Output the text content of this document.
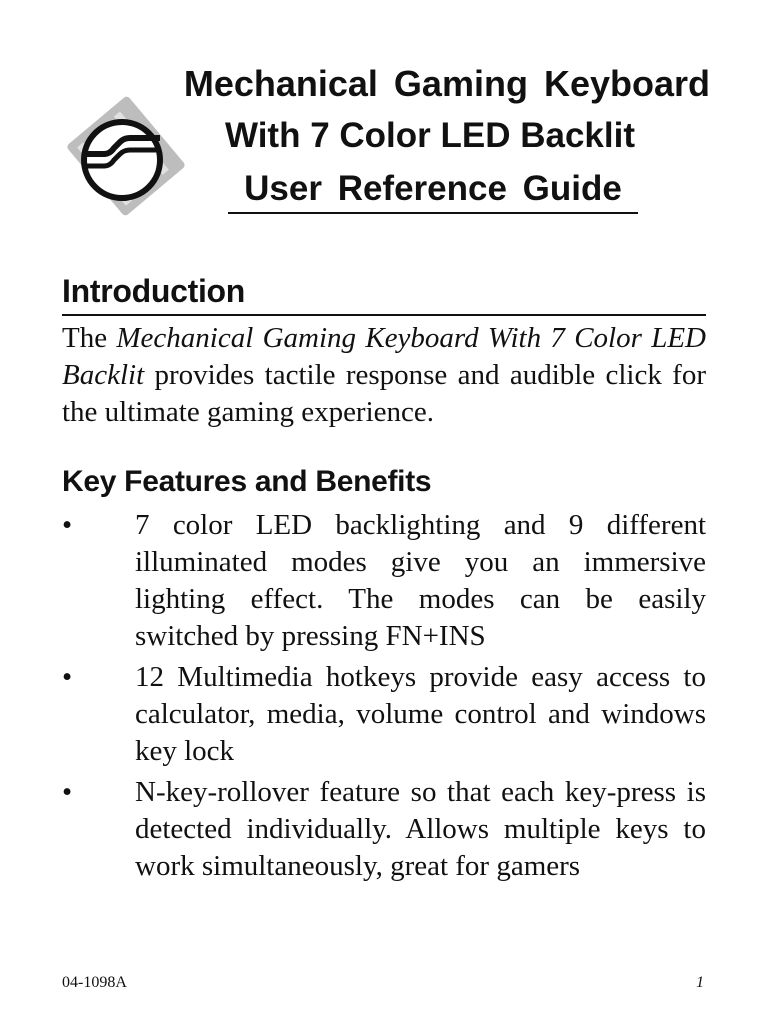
Mechanical Gaming Keyboard
With 7 Color LED Backlit
User Reference Guide
Introduction
The Mechanical Gaming Keyboard With 7 Color LED Backlit provides tactile response and audible click for the ultimate gaming experience.
Key Features and Benefits
•	7 color LED backlighting and 9 different illuminated modes give you an immersive lighting effect. The modes can be easily switched by pressing FN+INS
•	12 Multimedia hotkeys provide easy access to calculator, media, volume control and windows key lock
•	N-key-rollover feature so that each key-press is detected individually. Allows multiple keys to work simultaneously, great for gamers
04-1098A	1
